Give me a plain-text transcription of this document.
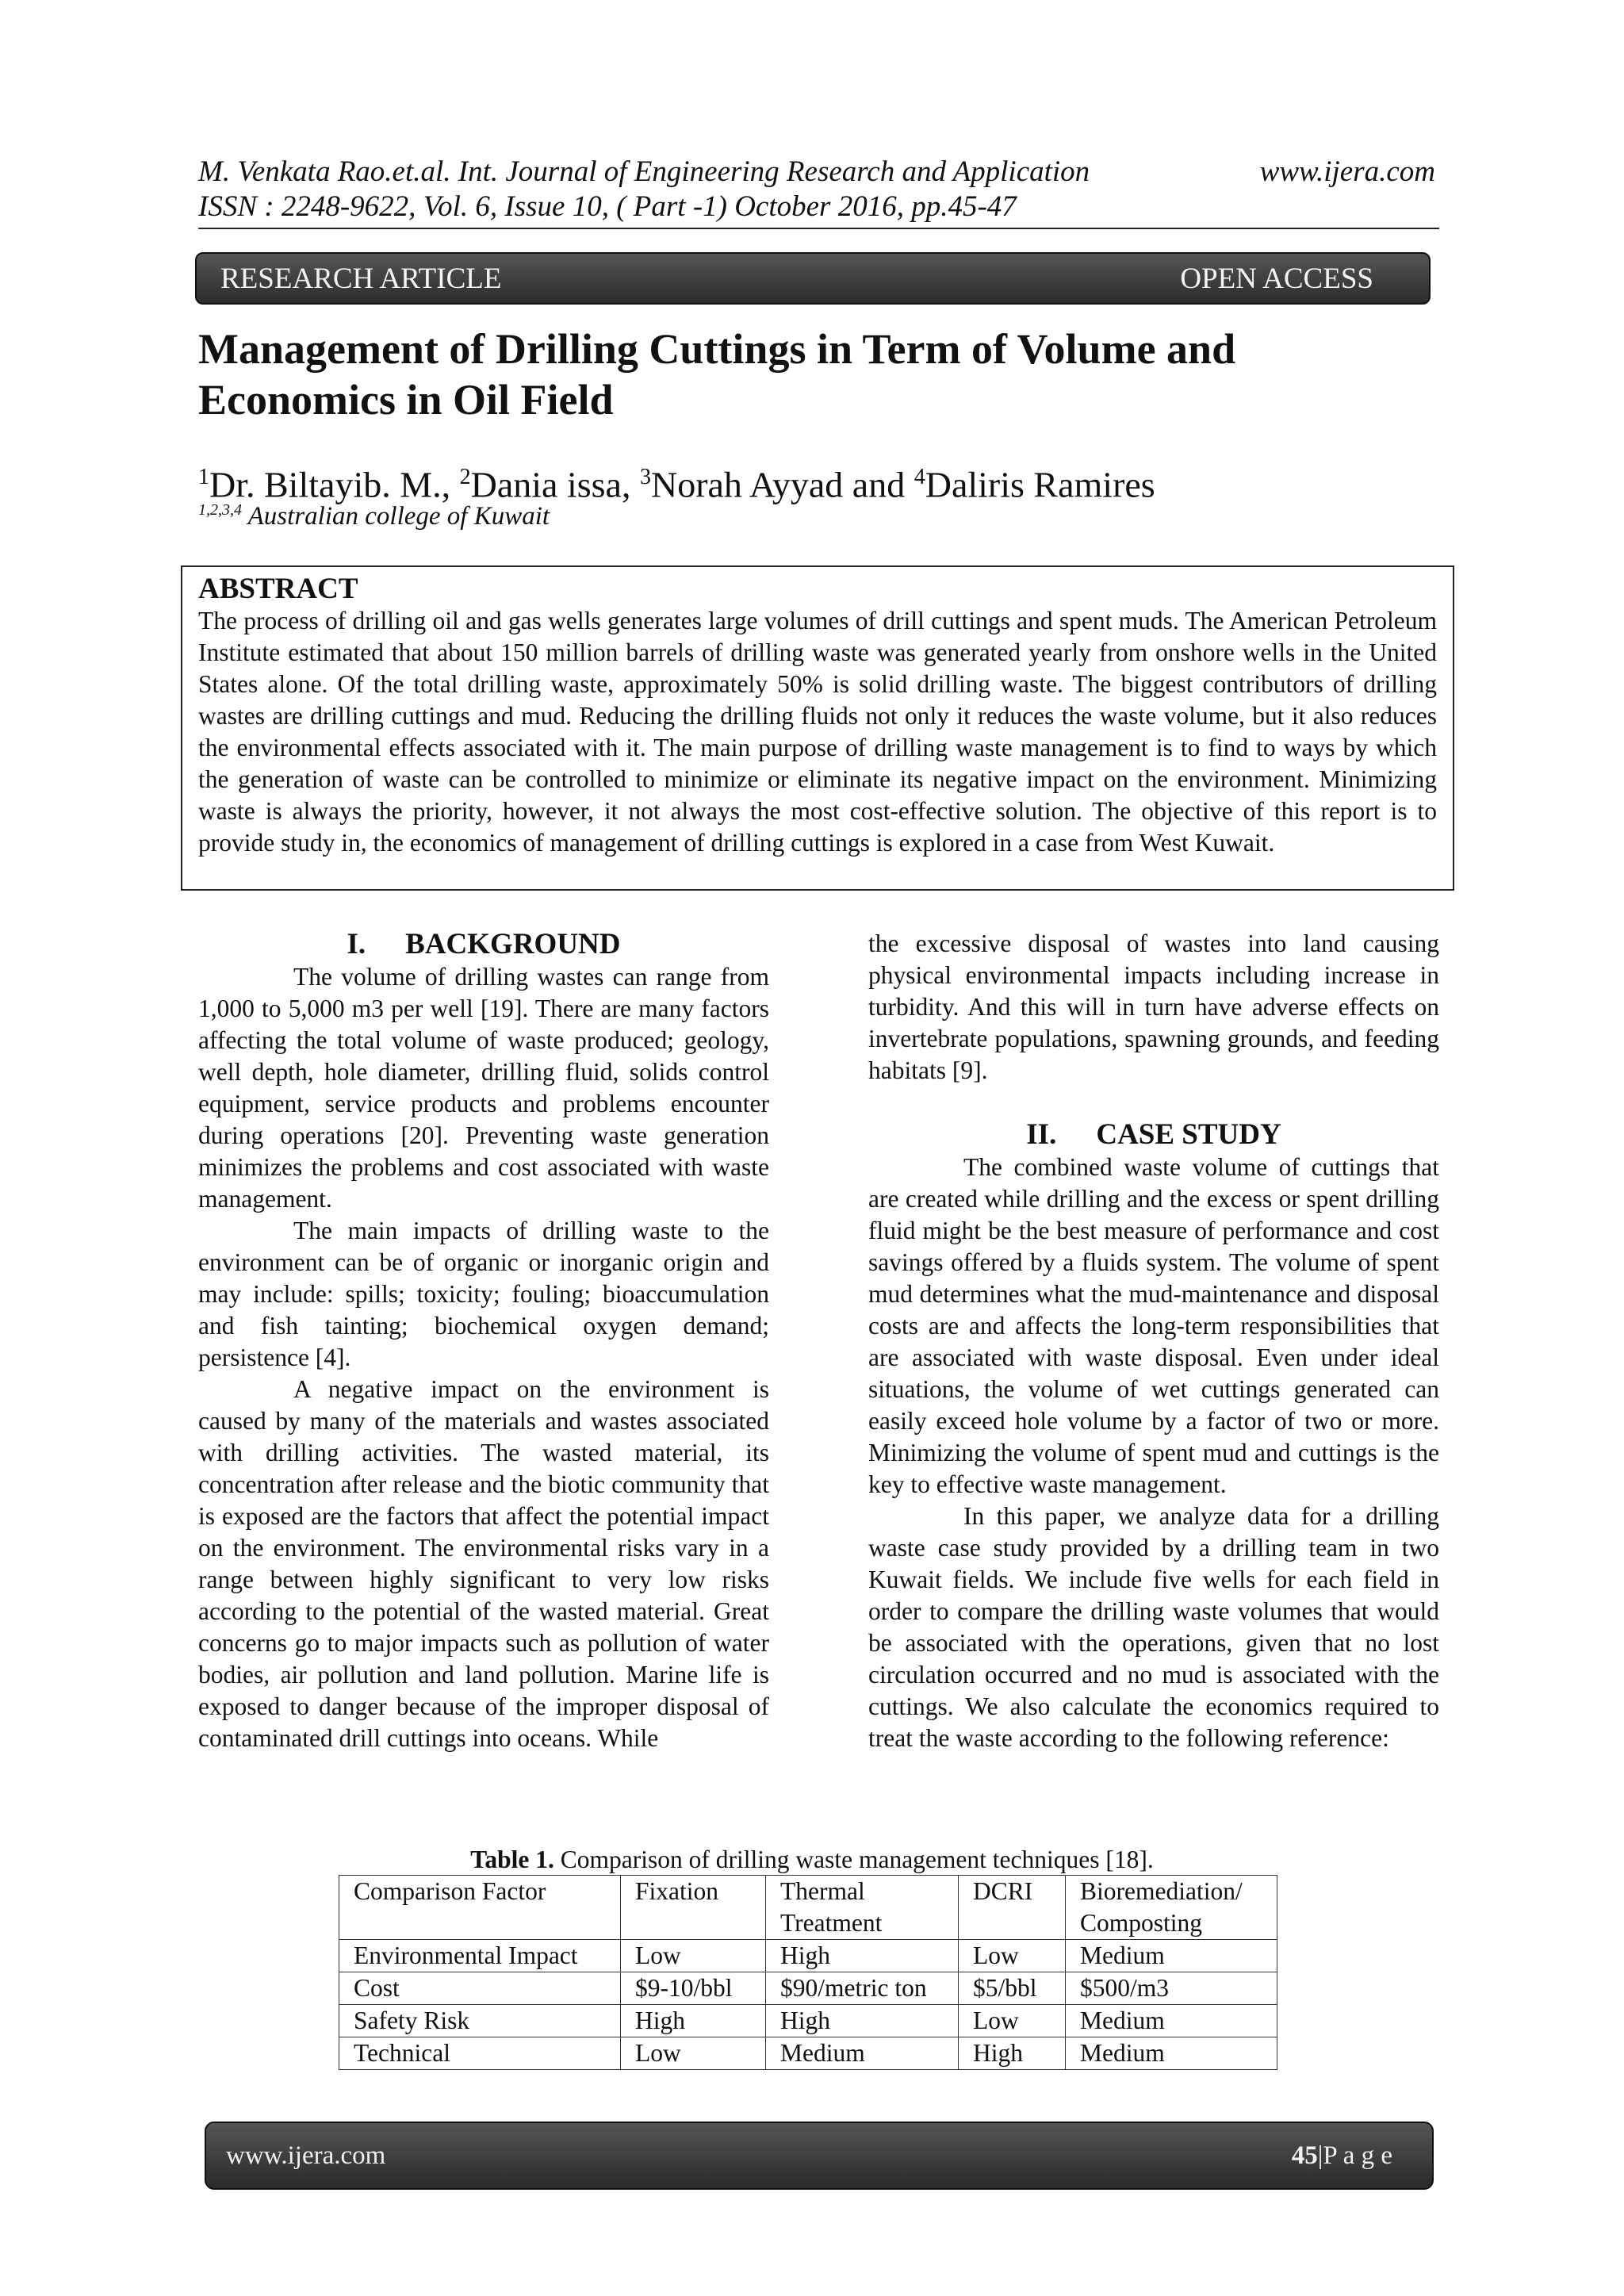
M. Venkata Rao.et.al. Int. Journal of Engineering Research and Application	www.ijera.com
ISSN : 2248-9622, Vol. 6, Issue 10, ( Part -1) October 2016, pp.45-47
RESEARCH ARTICLE	OPEN ACCESS
Management of Drilling Cuttings in Term of Volume and
Economics in Oil Field
$^1$Dr. Biltayib. M., $^2$Dania issa, $^3$Norah Ayyad and $^4$Daliris Ramires
$^{1,2,3,4}$ Australian college of Kuwait
ABSTRACT

The process of drilling oil and gas wells generates large volumes of drill cuttings and spent muds. The American Petroleum Institute estimated that about 150 million barrels of drilling waste was generated yearly from onshore wells in the United States alone. Of the total drilling waste, approximately 50% is solid drilling waste. The biggest contributors of drilling wastes are drilling cuttings and mud. Reducing the drilling fluids not only it reduces the waste volume, but it also reduces the environmental effects associated with it. The main purpose of drilling waste management is to find to ways by which the generation of waste can be controlled to minimize or eliminate its negative impact on the environment. Minimizing waste is always the priority, however, it not always the most cost-effective solution. The objective of this report is to provide study in, the economics of management of drilling cuttings is explored in a case from West Kuwait.

I. BACKGROUND

The volume of drilling wastes can range from 1,000 to 5,000 m3 per well [19]. There are many factors affecting the total volume of waste produced; geology, well depth, hole diameter, drilling fluid, solids control equipment, service products and problems encounter during operations [20]. Preventing waste generation minimizes the problems and cost associated with waste management.

The main impacts of drilling waste to the environment can be of organic or inorganic origin and may include: spills; toxicity; fouling; bioaccumulation and fish tainting; biochemical oxygen demand; persistence [4].

A negative impact on the environment is caused by many of the materials and wastes associated with drilling activities. The wasted material, its concentration after release and the biotic community that is exposed are the factors that affect the potential impact on the environment. The environmental risks vary in a range between highly significant to very low risks according to the potential of the wasted material. Great concerns go to major impacts such as pollution of water bodies, air pollution and land pollution. Marine life is exposed to danger because of the improper disposal of contaminated drill cuttings into oceans. While

the excessive disposal of wastes into land causing physical environmental impacts including increase in turbidity. And this will in turn have adverse effects on invertebrate populations, spawning grounds, and feeding habitats [9].

II. CASE STUDY

The combined waste volume of cuttings that are created while drilling and the excess or spent drilling fluid might be the best measure of performance and cost savings offered by a fluids system. The volume of spent mud determines what the mud-maintenance and disposal costs are and affects the long-term responsibilities that are associated with waste disposal. Even under ideal situations, the volume of wet cuttings generated can easily exceed hole volume by a factor of two or more. Minimizing the volume of spent mud and cuttings is the key to effective waste management.

In this paper, we analyze data for a drilling waste case study provided by a drilling team in two Kuwait fields. We include five wells for each field in order to compare the drilling waste volumes that would be associated with the operations, given that no lost circulation occurred and no mud is associated with the cuttings. We also calculate the economics required to treat the waste according to the following reference:

Table 1. Comparison of drilling waste management techniques [18].
Comparison Factor	Fixation	Thermal Treatment	DCRI	Bioremediation/ Composting
Environmental Impact	Low	High	Low	Medium
Cost	$9-10/bbl	$90/metric ton	$5/bbl	$500/m3
Safety Risk	High	High	Low	Medium
Technical	Low	Medium	High	Medium
www.ijera.com	45|P a g e
